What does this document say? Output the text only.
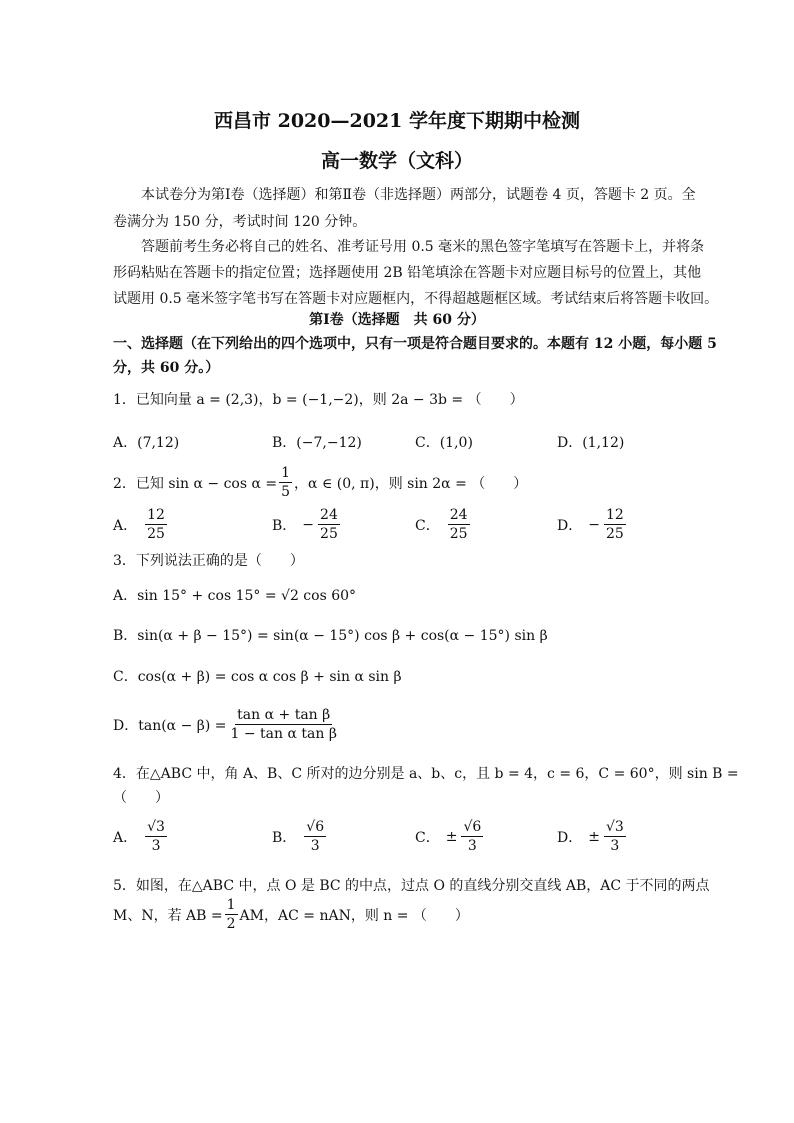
西昌市 2020—2021 学年度下期期中检测
高一数学（文科）
本试卷分为第Ⅰ卷（选择题）和第Ⅱ卷（非选择题）两部分，试题卷 4 页，答题卡 2 页。全
卷满分为 150 分，考试时间 120 分钟。
答题前考生务必将自己的姓名、准考证号用 0.5 毫米的黑色签字笔填写在答题卡上，并将条
形码粘贴在答题卡的指定位置；选择题使用 2B 铅笔填涂在答题卡对应题目标号的位置上，其他
试题用 0.5 毫米签字笔书写在答题卡对应题框内，不得超越题框区域。考试结束后将答题卡收回。
第Ⅰ卷（选择题　共 60 分）
一、选择题（在下列给出的四个选项中，只有一项是符合题目要求的。本题有 12 小题，每小题 5
分，共 60 分。）
1．已知向量 a = (2,3)，b = (−1,−2)，则 2a − 3b = （　　）
A．(7,12)	B．(−7,−12)	C．(1,0)	D．(1,12)
2．已知 $\sin \alpha - \cos \alpha = \frac{1}{5}$ ，α ∈ (0, π)，则 sin 2α = （　　）
A． $\frac{12}{25}$	B． − $\frac{24}{25}$	C． $\frac{24}{25}$	D． − $\frac{12}{25}$
3．下列说法正确的是（　　）
A．sin 15° + cos 15° = √2 cos 60°
B．sin(α + β − 15°) = sin(α − 15°) cos β + cos(α − 15°) sin β
C．cos(α + β) = cos α cos β + sin α sin β
D．$\tan(\alpha - \beta) = \frac{\text{tan α + tan β}}{\text{1 − tan α tan β}}$
4．在△ABC 中，角 A、B、C 所对的边分别是 a、b、c，且 b = 4，c = 6，C = 60°，则 sin B =
（　　）
A． $\frac{√3}{3}$	B． $\frac{√6}{3}$	C． ± $\frac{√6}{3}$	D． ± $\frac{√3}{3}$
5．如图，在△ABC 中，点 O 是 BC 的中点，过点 O 的直线分别交直线 AB，AC 于不同的两点
M、N，若 AB = $\frac{1}{2}$ AM，AC = nAN，则 n = （　　）
